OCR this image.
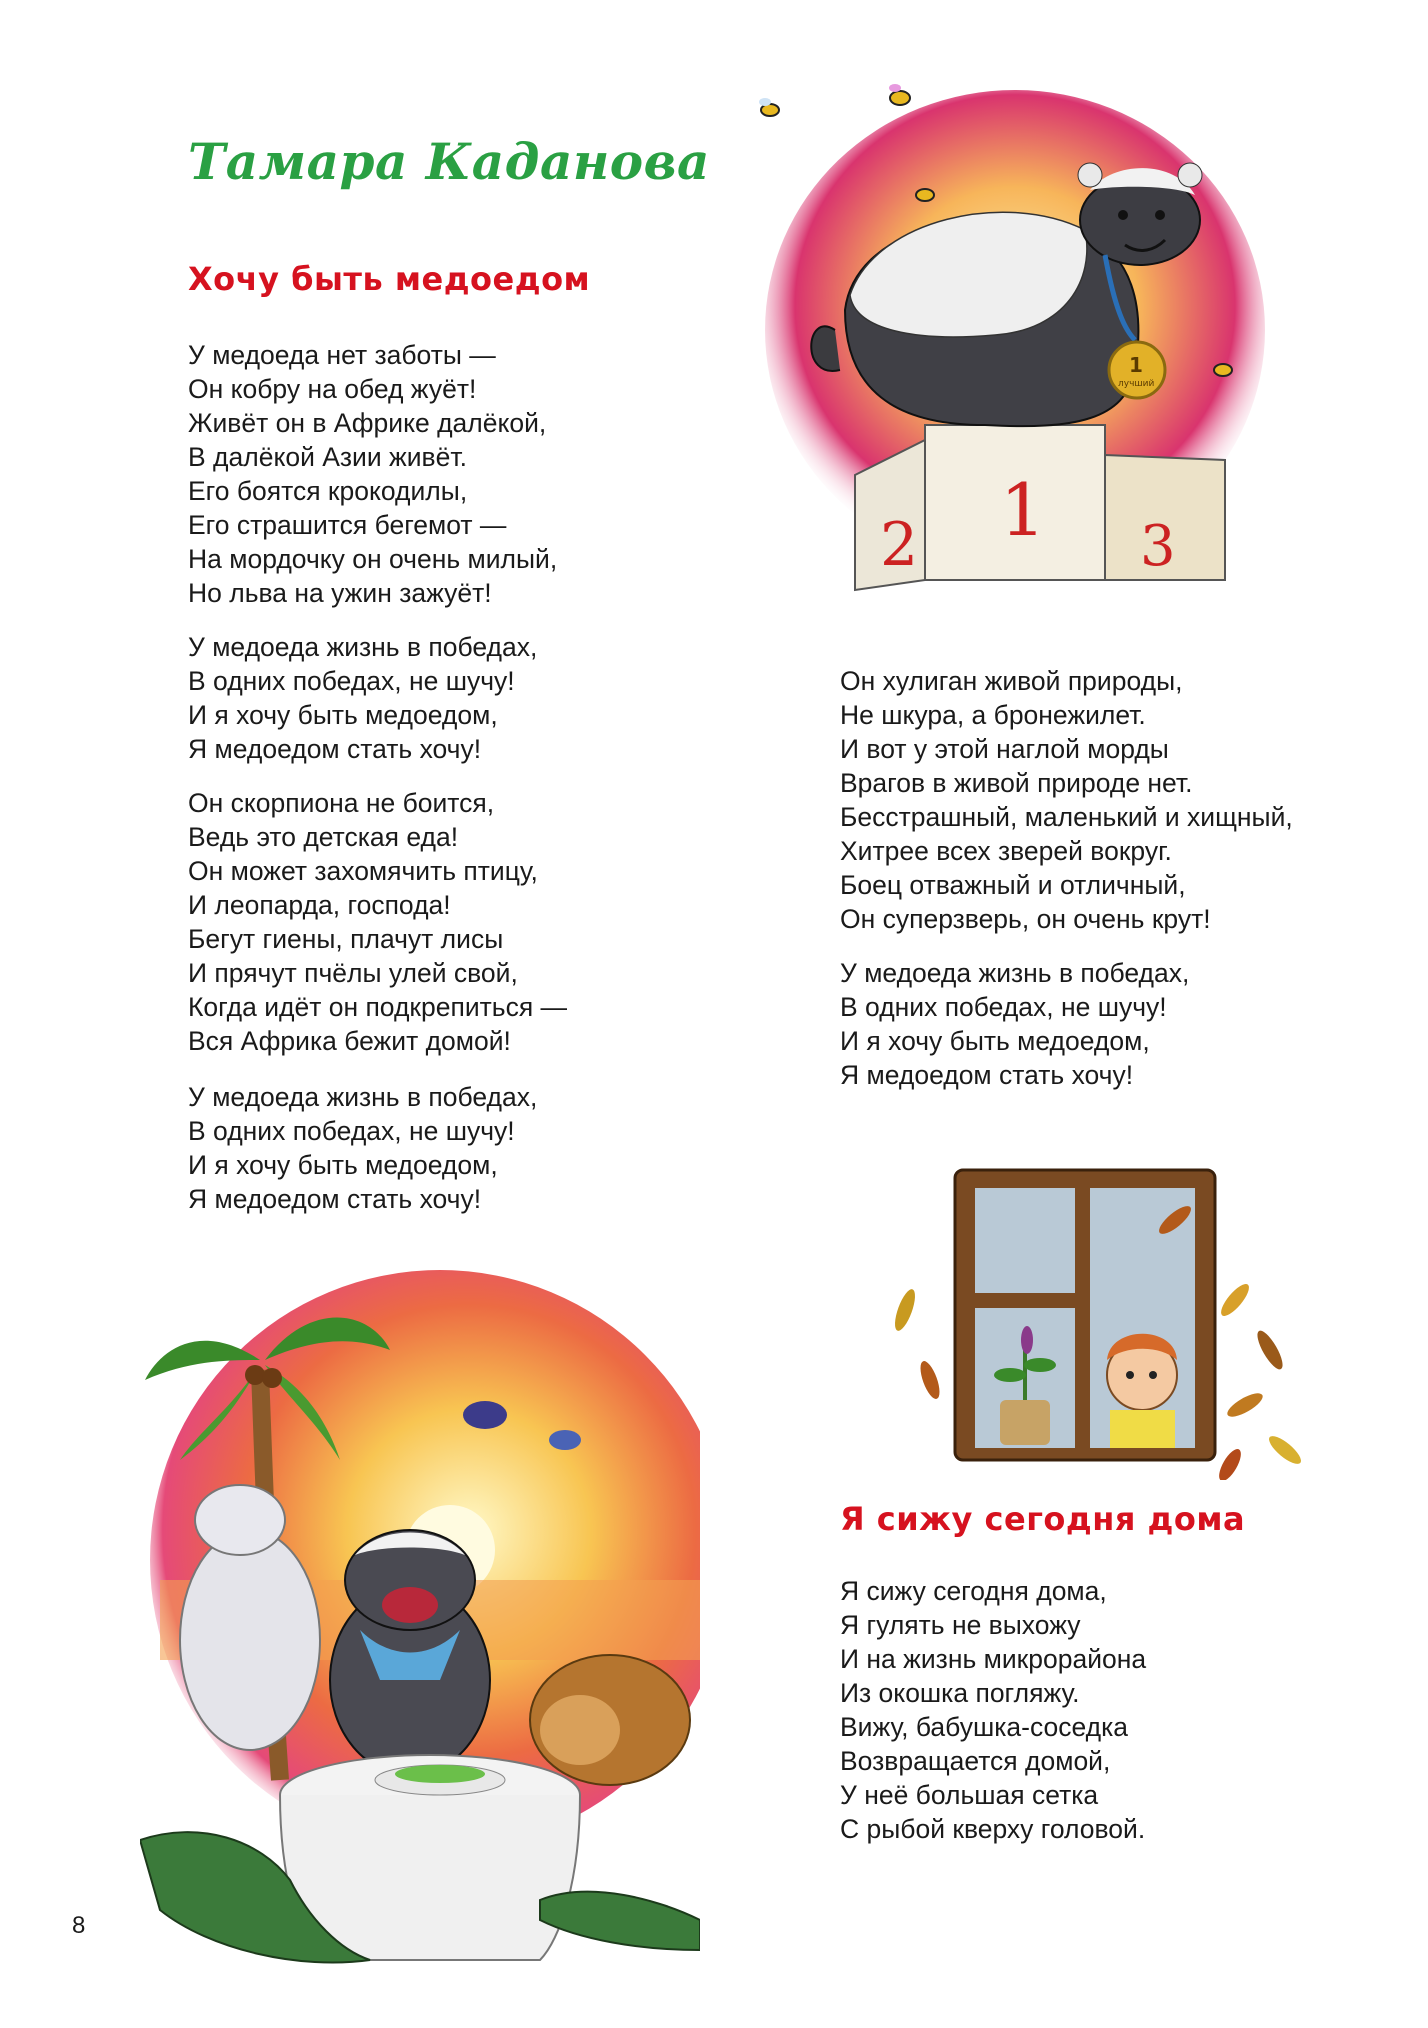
Тамара Каданова
Хочу быть медоедом
У медоеда нет заботы —
Он кобру на обед жуёт!
Живёт он в Африке далёкой,
В далёкой Азии живёт.
Его боятся крокодилы,
Его страшится бегемот —
На мордочку он очень милый,
Но льва на ужин зажуёт!
У медоеда жизнь в победах,
В одних победах, не шучу!
И я хочу быть медоедом,
Я медоедом стать хочу!
Он скорпиона не боится,
Ведь это детская еда!
Он может захомячить птицу,
И леопарда, господа!
Бегут гиены, плачут лисы
И прячут пчёлы улей свой,
Когда идёт он подкрепиться —
Вся Африка бежит домой!
У медоеда жизнь в победах,
В одних победах, не шучу!
И я хочу быть медоедом,
Я медоедом стать хочу!
Он хулиган живой природы,
Не шкура, а бронежилет.
И вот у этой наглой морды
Врагов в живой природе нет.
Бесстрашный, маленький и хищный,
Хитрее всех зверей вокруг.
Боец отважный и отличный,
Он суперзверь, он очень крут!
У медоеда жизнь в победах,
В одних победах, не шучу!
И я хочу быть медоедом,
Я медоедом стать хочу!
Я сижу сегодня дома
Я сижу сегодня дома,
Я гулять не выхожу
И на жизнь микрорайона
Из окошка погляжу.
Вижу, бабушка-соседка
Возвращается домой,
У неё большая сетка
С рыбой кверху головой.
8
2 1 3
1
лучший
